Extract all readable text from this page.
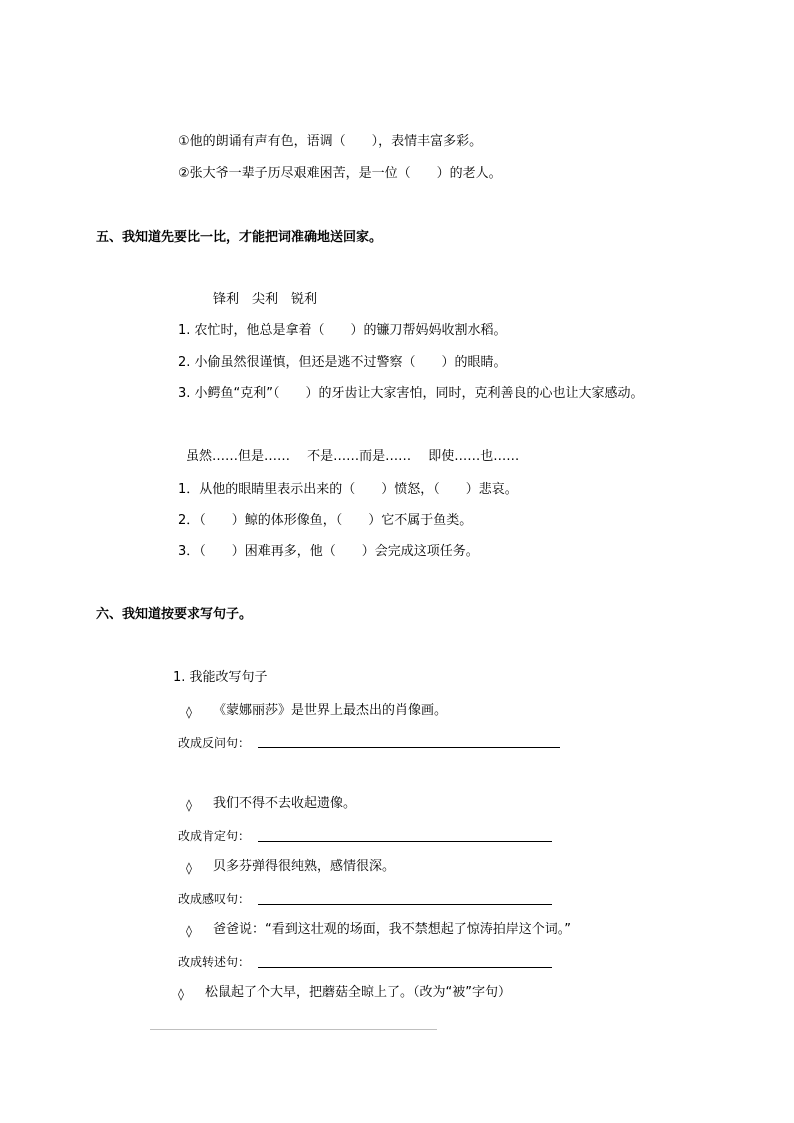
①他的朗诵有声有色，语调（　　），表情丰富多彩。
②张大爷一辈子历尽艰难困苦，是一位（　　）的老人。
五、我知道先要比一比，才能把词准确地送回家。
锋利　尖利　锐利
1. 农忙时，他总是拿着（　　）的镰刀帮妈妈收割水稻。
2. 小偷虽然很谨慎，但还是逃不过警察（　　）的眼睛。
3. 小鳄鱼“克利”（　　）的牙齿让大家害怕，同时，克利善良的心也让大家感动。
虽然……但是……　 不是……而是……　 即使……也……
1．从他的眼睛里表示出来的（　　）愤怒，（　　）悲哀。
2．（　　）鲸的体形像鱼，（　　）它不属于鱼类。
3．（　　）困难再多，他（　　）会完成这项任务。
六、我知道按要求写句子。
1. 我能改写句子
◊ 《蒙娜丽莎》是世界上最杰出的肖像画。
改成反问句：
◊ 我们不得不去收起遗像。
改成肯定句：
◊ 贝多芬弹得很纯熟，感情很深。
改成感叹句：
◊ 爸爸说：“看到这壮观的场面，我不禁想起了惊涛拍岸这个词。”
改成转述句：
◊ 松鼠起了个大早，把蘑菇全晾上了。（改为“被”字句）
